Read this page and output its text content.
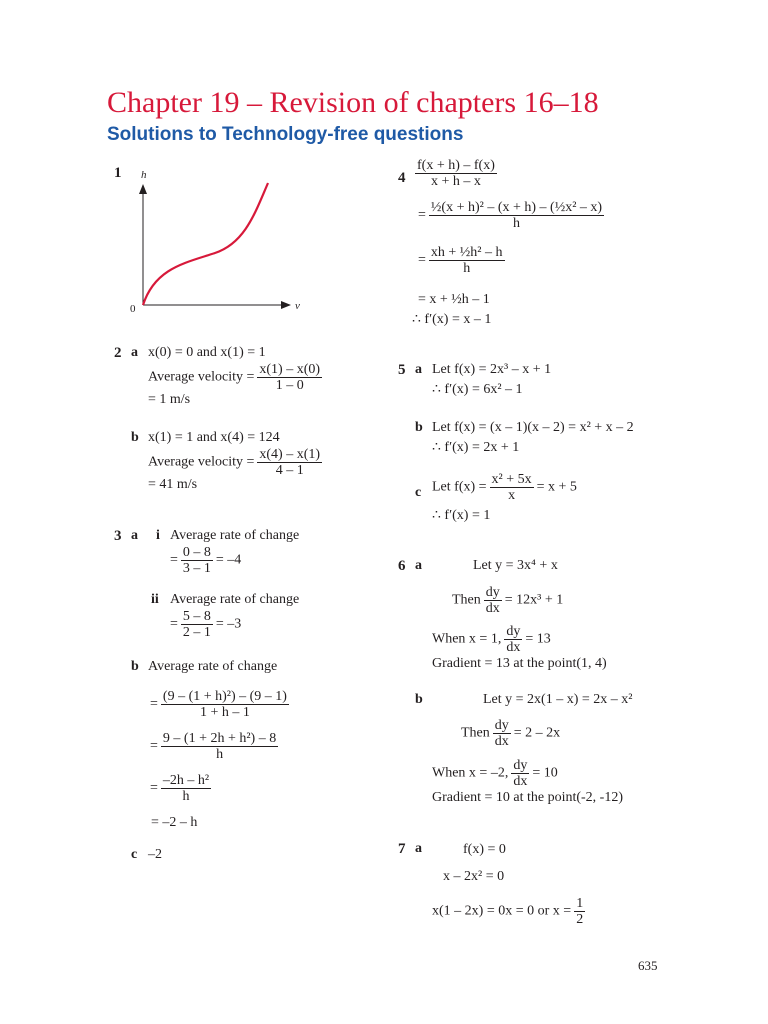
Chapter 19 – Revision of chapters 16–18
Solutions to Technology-free questions
1 h
v
0
2 a x(0) = 0 and x(1) = 1
Average velocity = $\frac{x(1) - x(0)}{1 - 0}$
= 1 m/s
b x(1) = 1 and x(4) = 124
Average velocity = $\frac{x(4) - x(1)}{4 - 1}$
= 41 m/s
3 a i Average rate of change
= $\frac{0 - 8}{3 - 1} = -4$
ii Average rate of change
= $\frac{5 - 8}{2 - 1} = -3$
b Average rate of change
= $\frac{\text{(9 – (1 + h)²) – (9 – 1)}}{1 + h - 1}$
= $\frac{\text{9 – (1 + 2h + h²) – 8}}{h}$
= $\frac{\text{–2h – h²}}{h}$
= –2 – h
c –2
$4 \frac{f(x + h) - f(x)}{x + h - x}$
= $\frac{\text{½(x + h)² – (x + h) – (½x² – x)}}{h}$
= $\frac{\text{xh + ½h² – h}}{h}$
= x + ½h – 1
∴ f′(x) = x – 1
5 a Let f(x) = 2x³ – x + 1
∴ f′(x) = 6x² – 1
b Let f(x) = (x – 1)(x – 2) = x² + x – 2
∴ f′(x) = 2x + 1
c Let $f(x) = \frac{\text{x² + 5x}}{x} = x + 5$
∴ f′(x) = 1
6 a	Let y = 3x⁴ + x
Then $\frac{dy}{dx} = 12x^3 + 1$
When x = 1, $\frac{dy}{dx} = 13$
Gradient = 13 at the point(1, 4)
b	Let y = 2x(1 – x) = 2x – x²
Then $\frac{dy}{dx} = 2 - 2x$
When x = –2, $\frac{dy}{dx} = 10$
Gradient = 10 at the point(-2, -12)
7 a	f(x) = 0
x – 2x² = 0
x(1 – 2x) = 0x = 0 or $x = \frac{1}{2}$
635
